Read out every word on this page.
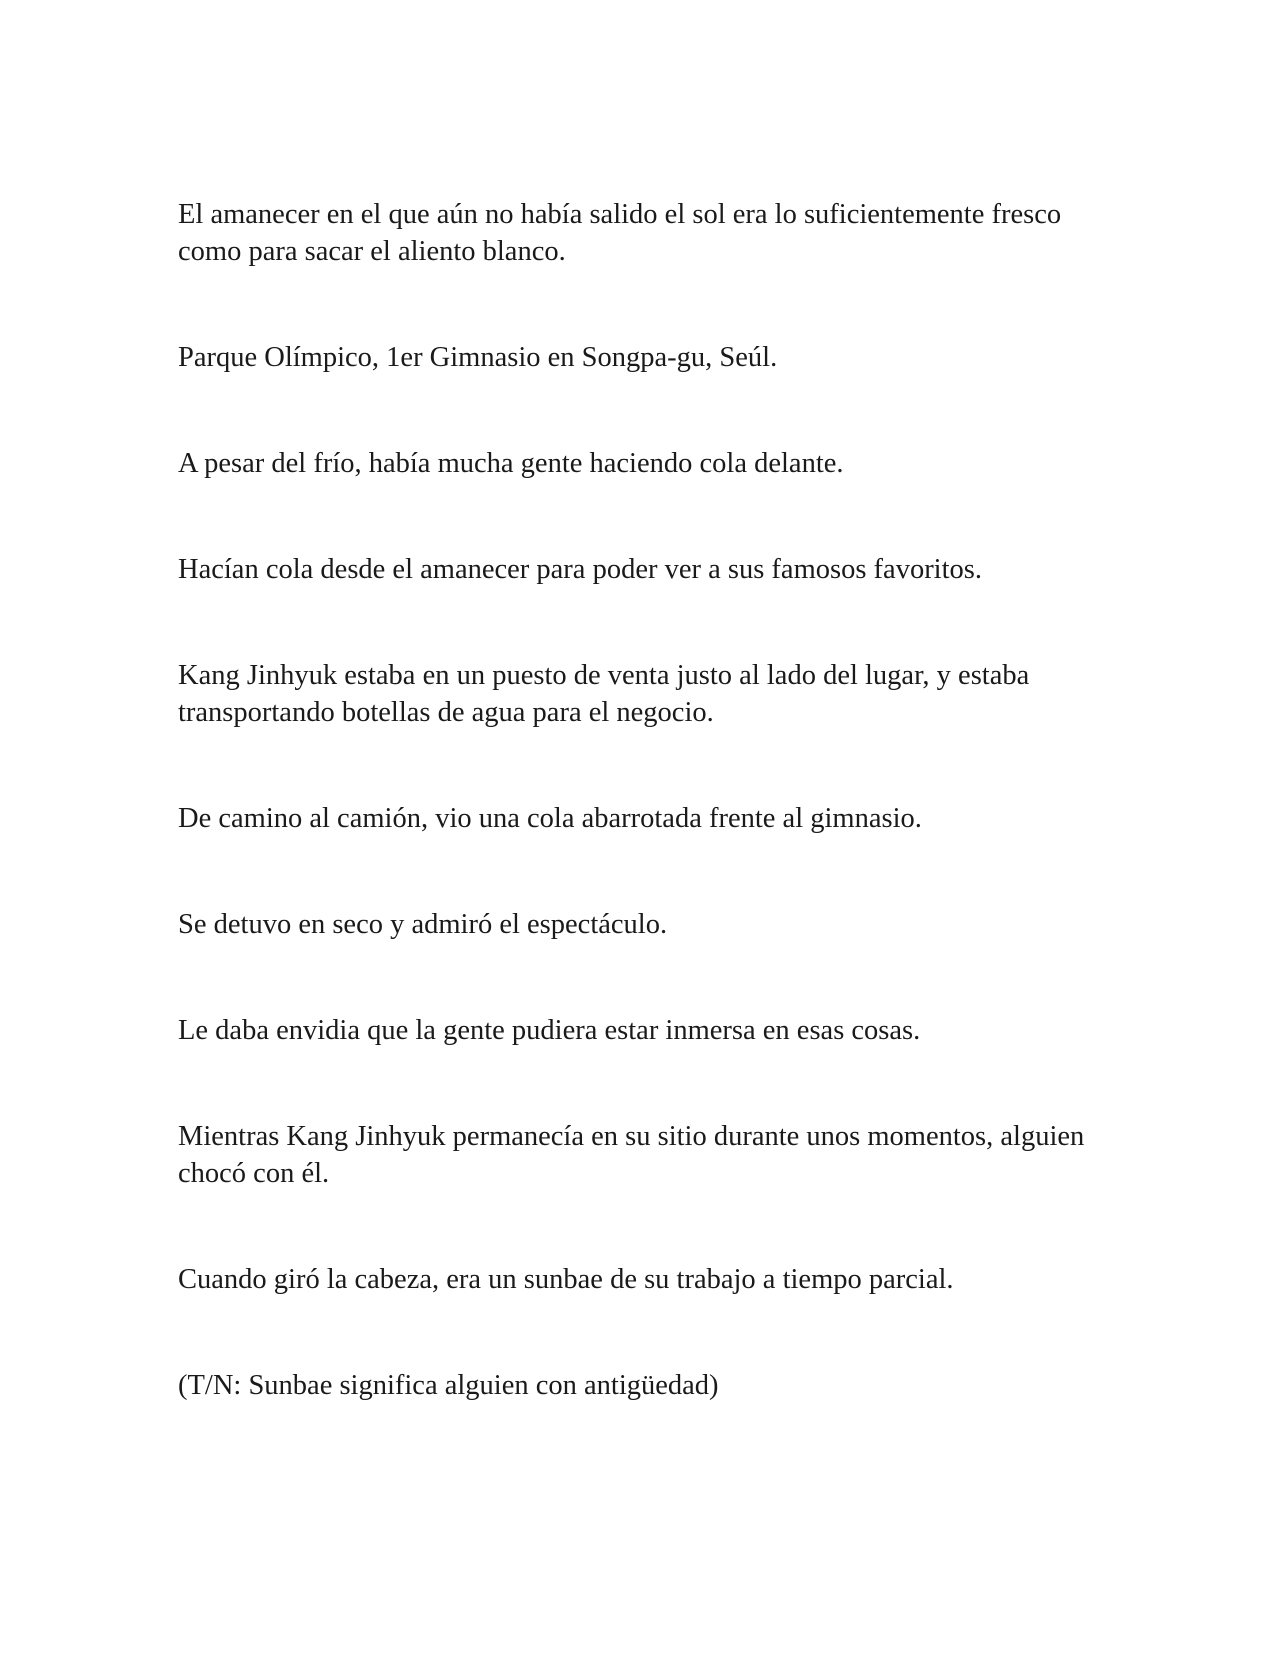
El amanecer en el que aún no había salido el sol era lo suficientemente fresco como para sacar el aliento blanco.

Parque Olímpico, 1er Gimnasio en Songpa-gu, Seúl.

A pesar del frío, había mucha gente haciendo cola delante.

Hacían cola desde el amanecer para poder ver a sus famosos favoritos.

Kang Jinhyuk estaba en un puesto de venta justo al lado del lugar, y estaba transportando botellas de agua para el negocio.

De camino al camión, vio una cola abarrotada frente al gimnasio.

Se detuvo en seco y admiró el espectáculo.

Le daba envidia que la gente pudiera estar inmersa en esas cosas.

Mientras Kang Jinhyuk permanecía en su sitio durante unos momentos, alguien chocó con él.

Cuando giró la cabeza, era un sunbae de su trabajo a tiempo parcial.

(T/N: Sunbae significa alguien con antigüedad)
